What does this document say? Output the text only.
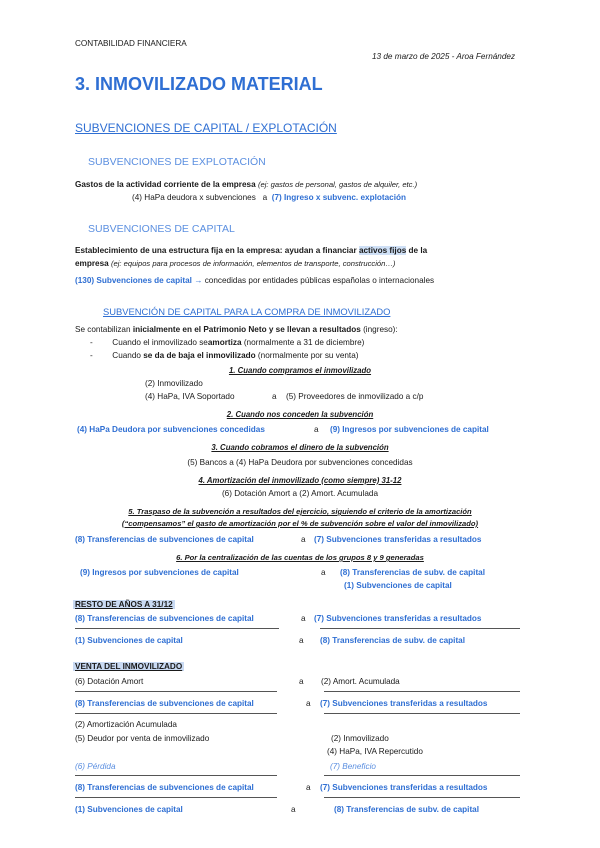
CONTABILIDAD FINANCIERA
13 de marzo de 2025 - Aroa Fernández
3. INMOVILIZADO MATERIAL
SUBVENCIONES DE CAPITAL / EXPLOTACIÓN
SUBVENCIONES DE EXPLOTACIÓN
Gastos de la actividad corriente de la empresa (ej: gastos de personal, gastos de alquiler, etc.)
(4) HaPa deudora x subvenciones a (7) Ingreso x subvenc. explotación
SUBVENCIONES DE CAPITAL
Establecimiento de una estructura fija en la empresa: ayudan a financiar activos fijos de la
empresa (ej: equipos para procesos de información, elementos de transporte, construcción…)
(130) Subvenciones de capital → concedidas por entidades públicas españolas o internacionales
SUBVENCIÓN DE CAPITAL PARA LA COMPRA DE INMOVILIZADO
Se contabilizan inicialmente en el Patrimonio Neto y se llevan a resultados (ingreso):
- Cuando el inmovilizado seamortiza (normalmente a 31 de diciembre)
- Cuando se da de baja el inmovilizado (normalmente por su venta)
1. Cuando compramos el inmovilizado
(2) Inmovilizado
(4) HaPa, IVA Soportado	a (5) Proveedores de inmovilizado a c/p
2. Cuando nos conceden la subvención
(4) HaPa Deudora por subvenciones concedidas	a (9) Ingresos por subvenciones de capital
3. Cuando cobramos el dinero de la subvención
(5) Bancos a (4) HaPa Deudora por subvenciones concedidas
4. Amortización del inmovilizado (como siempre) 31-12
(6) Dotación Amort a (2) Amort. Acumulada
5. Traspaso de la subvención a resultados del ejercicio, siguiendo el criterio de la amortización
(“compensamos” el gasto de amortización por el % de subvención sobre el valor del inmovilizado)
(8) Transferencias de subvenciones de capital	a (7) Subvenciones transferidas a resultados
6. Por la centralización de las cuentas de los grupos 8 y 9 generadas
(9) Ingresos por subvenciones de capital	a (8) Transferencias de subv. de capital
(1) Subvenciones de capital
RESTO DE AÑOS A 31/12
(8) Transferencias de subvenciones de capital	a (7) Subvenciones transferidas a resultados
(1) Subvenciones de capital	a (8) Transferencias de subv. de capital
VENTA DEL INMOVILIZADO
(6) Dotación Amort	a (2) Amort. Acumulada
(8) Transferencias de subvenciones de capital	a (7) Subvenciones transferidas a resultados
(2) Amortización Acumulada
(5) Deudor por venta de inmovilizado	(2) Inmovilizado
(4) HaPa, IVA Repercutido
(6) Pérdida	(7) Beneficio
(8) Transferencias de subvenciones de capital	a (7) Subvenciones transferidas a resultados
(1) Subvenciones de capital	a	(8) Transferencias de subv. de capital
